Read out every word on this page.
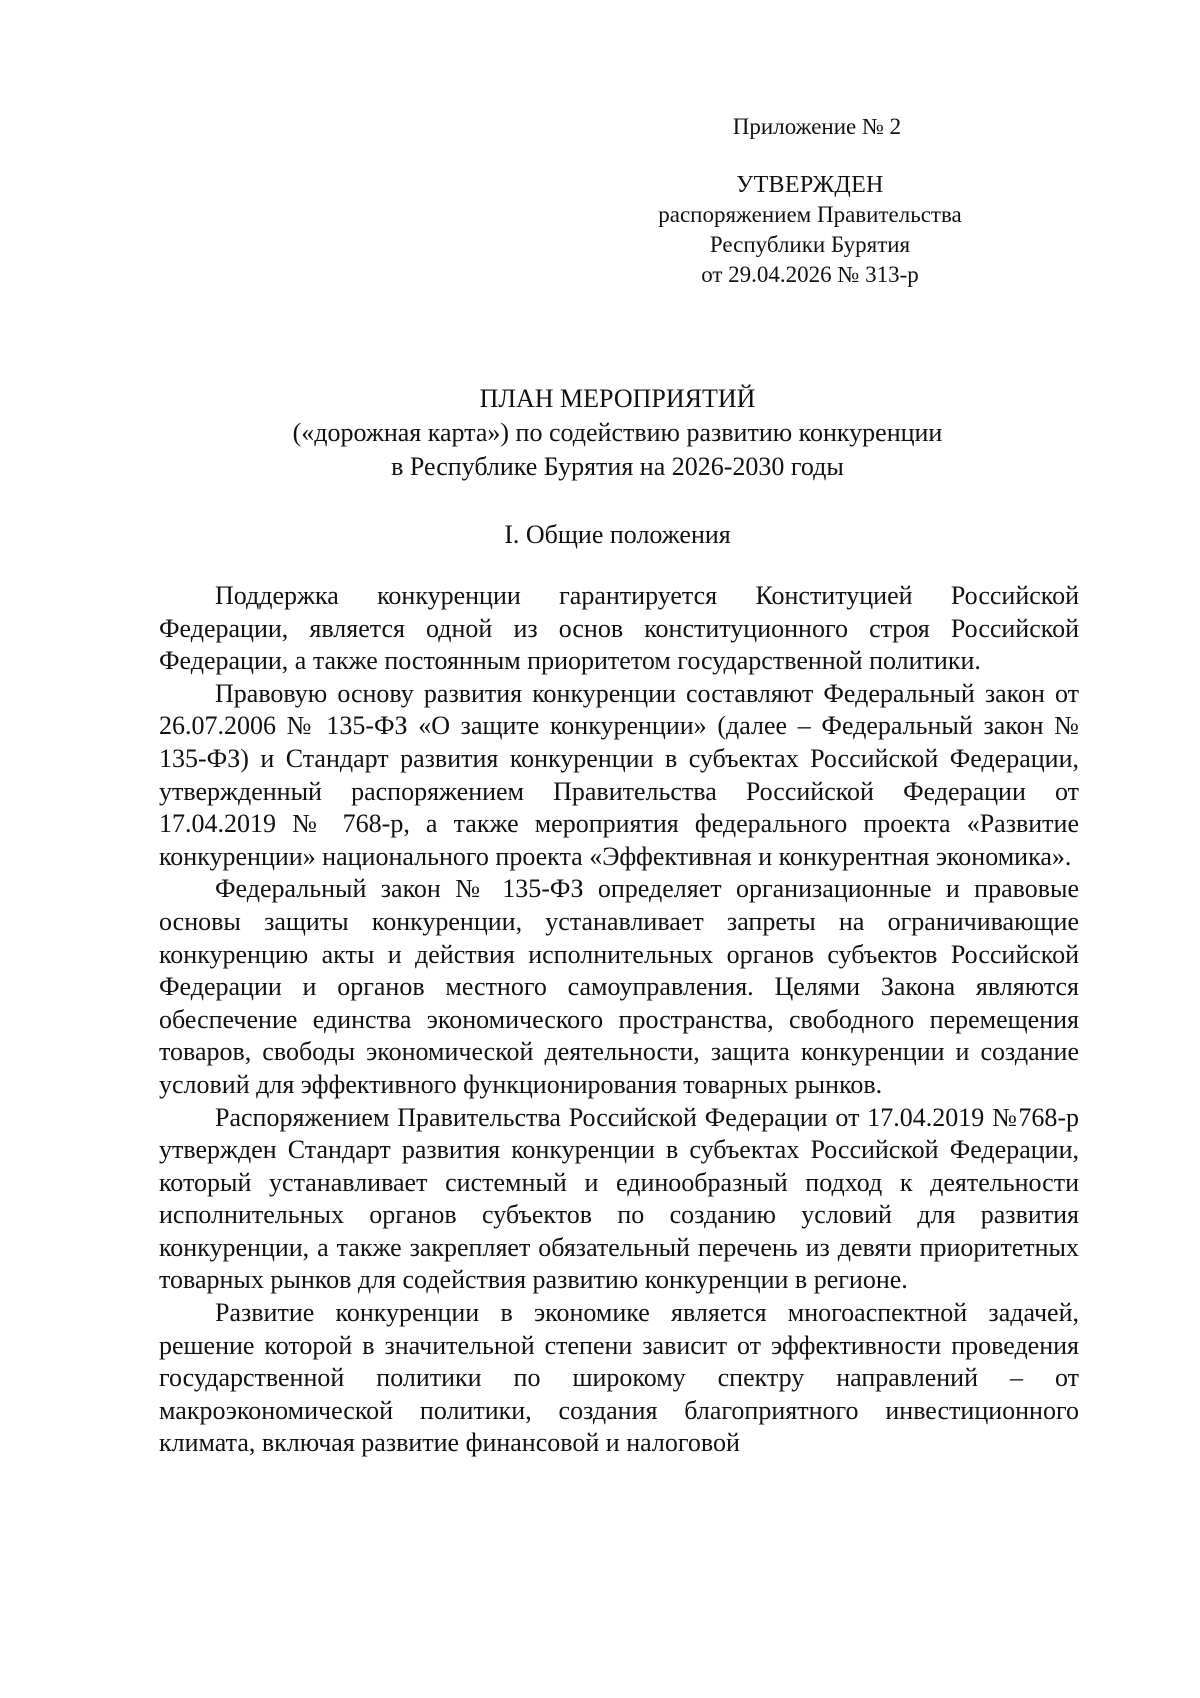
Приложение № 2
УТВЕРЖДЕН
распоряжением Правительства
Республики Бурятия
от 29.04.2026 № 313-р
ПЛАН МЕРОПРИЯТИЙ
(«дорожная карта») по содействию развитию конкуренции
в Республике Бурятия на 2026-2030 годы
I. Общие положения

Поддержка конкуренции гарантируется Конституцией Российской Федерации, является одной из основ конституционного строя Российской Федерации, а также постоянным приоритетом государственной политики.

Правовую основу развития конкуренции составляют Федеральный закон от 26.07.2006 № 135-ФЗ «О защите конкуренции» (далее – Федеральный закон № 135-ФЗ) и Стандарт развития конкуренции в субъектах Российской Федерации, утвержденный распоряжением Правительства Российской Федерации от 17.04.2019 № 768-р, а также мероприятия федерального проекта «Развитие конкуренции» национального проекта «Эффективная и конкурентная экономика».

Федеральный закон № 135-ФЗ определяет организационные и правовые основы защиты конкуренции, устанавливает запреты на ограничивающие конкуренцию акты и действия исполнительных органов субъектов Российской Федерации и органов местного самоуправления. Целями Закона являются обеспечение единства экономического пространства, свободного перемещения товаров, свободы экономической деятельности, защита конкуренции и создание условий для эффективного функционирования товарных рынков.

Распоряжением Правительства Российской Федерации от 17.04.2019 №768-р утвержден Стандарт развития конкуренции в субъектах Российской Федерации, который устанавливает системный и единообразный подход к деятельности исполнительных органов субъектов по созданию условий для развития конкуренции, а также закрепляет обязательный перечень из девяти приоритетных товарных рынков для содействия развитию конкуренции в регионе.

Развитие конкуренции в экономике является многоаспектной задачей, решение которой в значительной степени зависит от эффективности проведения государственной политики по широкому спектру направлений – от макроэкономической политики, создания благоприятного инвестиционного климата, включая развитие финансовой и налоговой
